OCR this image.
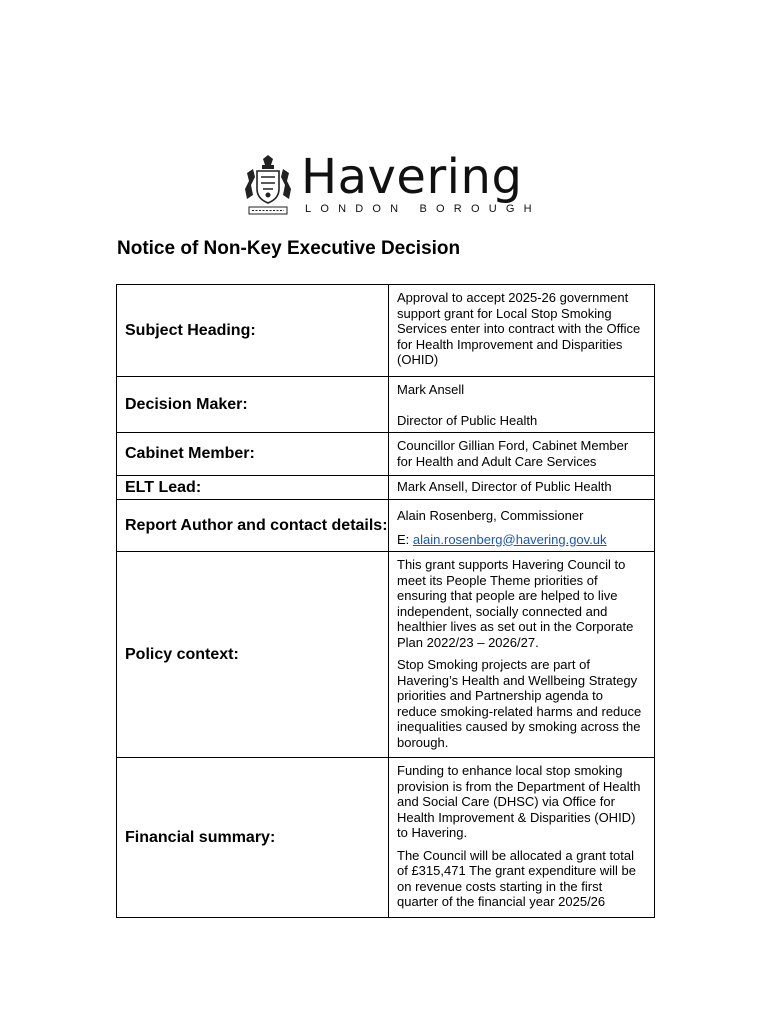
Havering
LONDON BOROUGH
Notice of Non-Key Executive Decision
Subject Heading:	Approval to accept 2025-26 government support grant for Local Stop Smoking Services enter into contract with the Office for Health Improvement and Disparities (OHID)

Decision Maker:	Mark Ansell

Director of Public Health

Cabinet Member:	Councillor Gillian Ford, Cabinet Member for Health and Adult Care Services

ELT Lead:	Mark Ansell, Director of Public Health

Report Author and contact details:	Alain Rosenberg, Commissioner

E: alain.rosenberg@havering.gov.uk

Policy context:	This grant supports Havering Council to meet its People Theme priorities of ensuring that people are helped to live independent, socially connected and healthier lives as set out in the Corporate Plan 2022/23 – 2026/27.

Stop Smoking projects are part of Havering’s Health and Wellbeing Strategy priorities and Partnership agenda to reduce smoking-related harms and reduce inequalities caused by smoking across the borough.

Financial summary:	Funding to enhance local stop smoking provision is from the Department of Health and Social Care (DHSC) via Office for Health Improvement & Disparities (OHID) to Havering.

The Council will be allocated a grant total of £315,471 The grant expenditure will be on revenue costs starting in the first quarter of the financial year 2025/26
